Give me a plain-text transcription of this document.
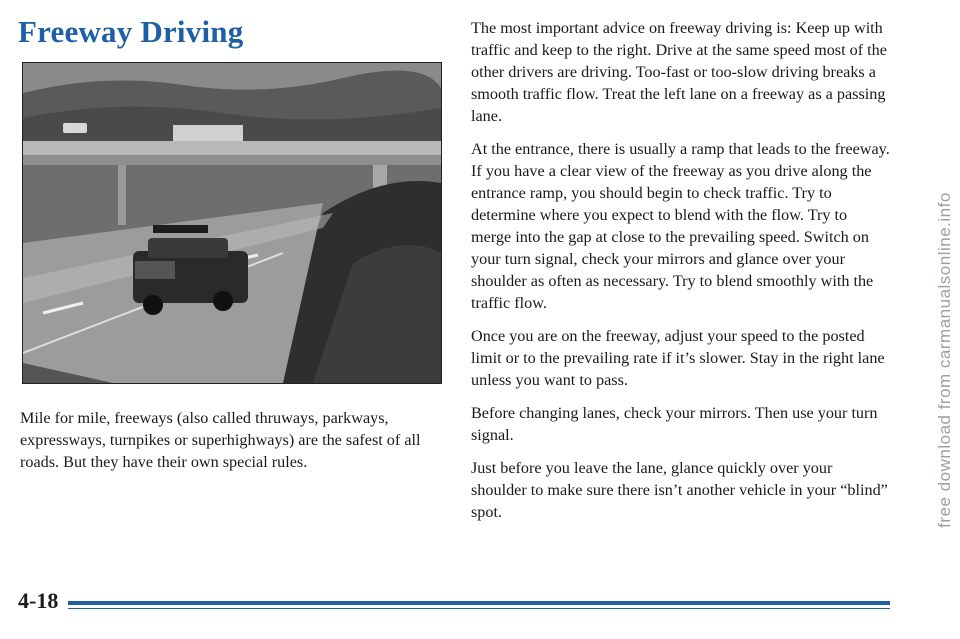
Freeway Driving

Mile for mile, freeways (also called thruways, parkways, expressways, turnpikes or superhighways) are the safest of all roads. But they have their own special rules.

The most important advice on freeway driving is: Keep up with traffic and keep to the right. Drive at the same speed most of the other drivers are driving. Too-fast or too-slow driving breaks a smooth traffic flow. Treat the left lane on a freeway as a passing lane.

At the entrance, there is usually a ramp that leads to the freeway. If you have a clear view of the freeway as you drive along the entrance ramp, you should begin to check traffic. Try to determine where you expect to blend with the flow. Try to merge into the gap at close to the prevailing speed. Switch on your turn signal, check your mirrors and glance over your shoulder as often as necessary. Try to blend smoothly with the traffic flow.

Once you are on the freeway, adjust your speed to the posted limit or to the prevailing rate if it’s slower. Stay in the right lane unless you want to pass.

Before changing lanes, check your mirrors. Then use your turn signal.

Just before you leave the lane, glance quickly over your shoulder to make sure there isn’t another vehicle in your “blind” spot.

4-18
free download from carmanualsonline.info
